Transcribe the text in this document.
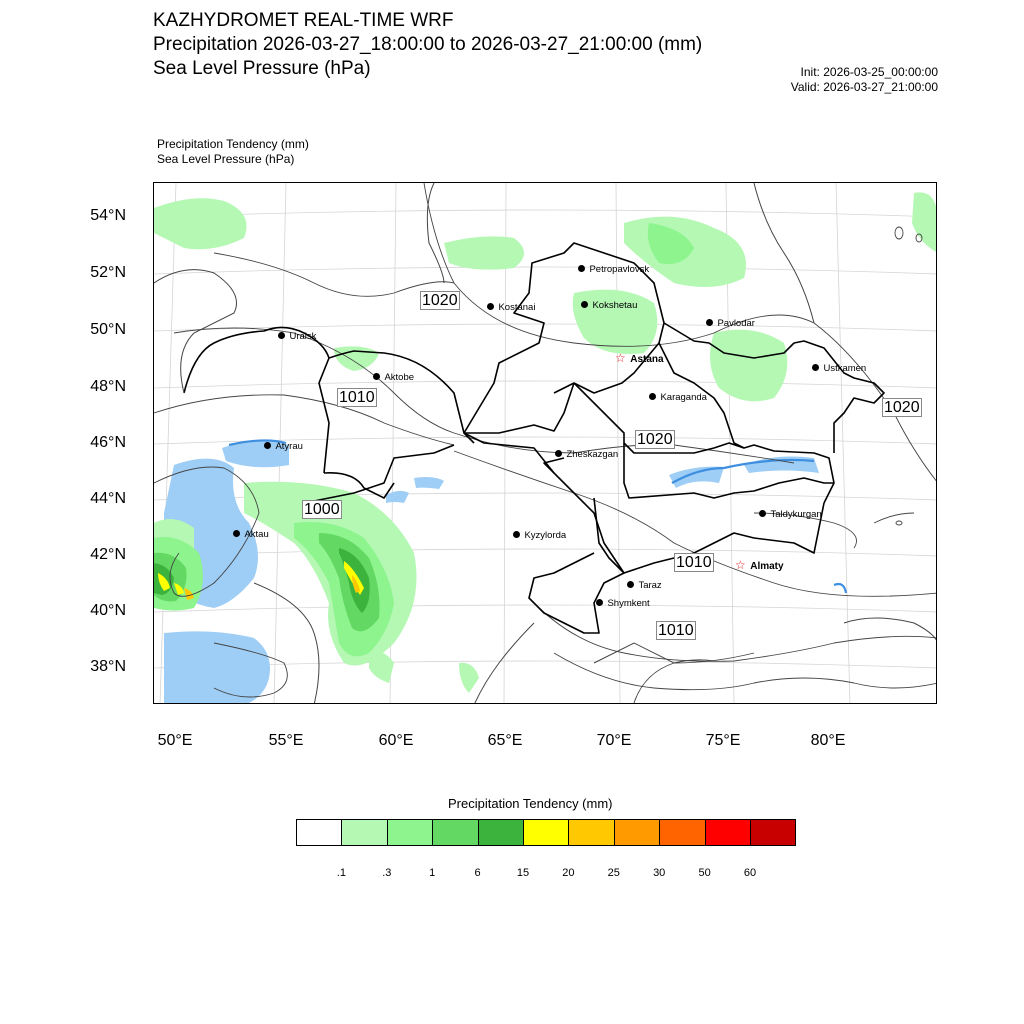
KAZHYDROMET REAL-TIME WRF
Precipitation 2026-03-27_18:00:00 to 2026-03-27_21:00:00 (mm)
Sea Level Pressure (hPa)	Init: 2026-03-25_00:00:00
Valid: 2026-03-27_21:00:00
Precipitation Tendency (mm)
Sea Level Pressure (hPa)
54°N
52°N
50°N
48°N
46°N
44°N
42°N
40°N
38°N
50°E	55°E	60°E	65°E	70°E	75°E	80°E
Petropavlovsk
Kostanai	Kokshetau
Pavlodar
Uralsk
Aktobe
☆ Astana
Ustkamen
Karaganda
Atyrau
Zheskazgan
Aktau	Kyzylorda
Taldykurgan
☆ Almaty
Taraz
Shymkent
1020
1010
1020
1020
1000
1010
1010
Precipitation Tendency (mm)
.1	.3	1	6	15	20	25	30	50	60
